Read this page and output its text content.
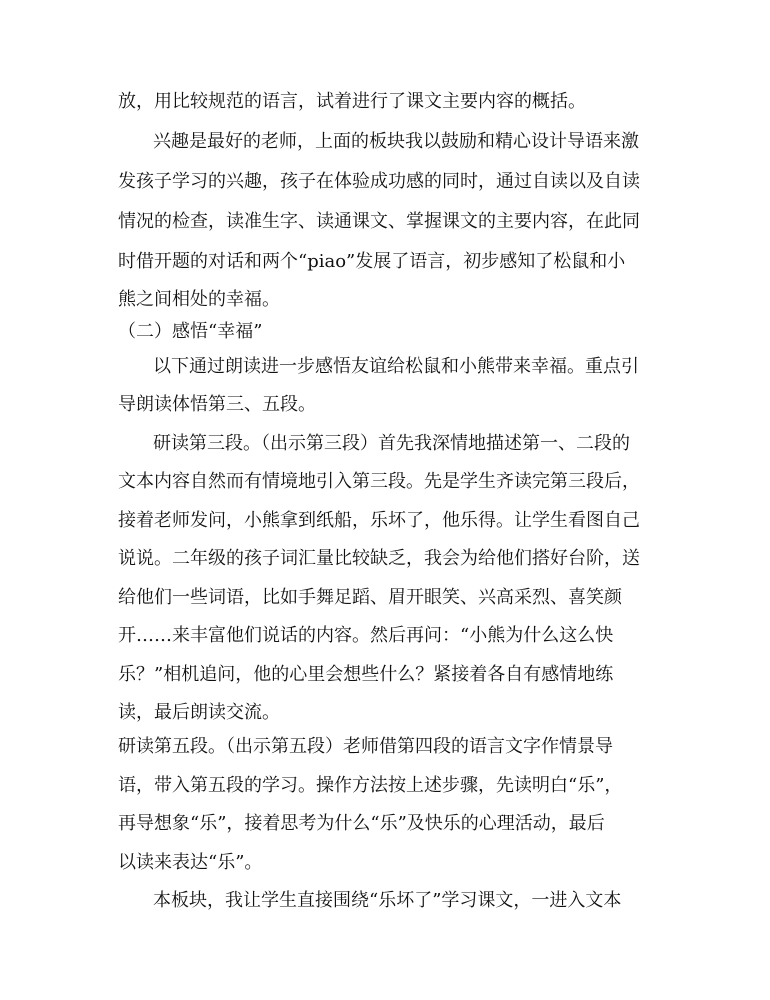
放，用比较规范的语言，试着进行了课文主要内容的概括。
兴趣是最好的老师，上面的板块我以鼓励和精心设计导语来激
发孩子学习的兴趣，孩子在体验成功感的同时，通过自读以及自读
情况的检查，读准生字、读通课文、掌握课文的主要内容，在此同
时借开题的对话和两个“piao”发展了语言，初步感知了松鼠和小
熊之间相处的幸福。
（二）感悟“幸福”
以下通过朗读进一步感悟友谊给松鼠和小熊带来幸福。重点引
导朗读体悟第三、五段。
研读第三段。（出示第三段）首先我深情地描述第一、二段的
文本内容自然而有情境地引入第三段。先是学生齐读完第三段后，
接着老师发问，小熊拿到纸船，乐坏了，他乐得。让学生看图自己
说说。二年级的孩子词汇量比较缺乏，我会为给他们搭好台阶，送
给他们一些词语，比如手舞足蹈、眉开眼笑、兴高采烈、喜笑颜
开……来丰富他们说话的内容。然后再问：“小熊为什么这么快
乐？”相机追问，他的心里会想些什么？紧接着各自有感情地练
读，最后朗读交流。
研读第五段。（出示第五段）老师借第四段的语言文字作情景导
语，带入第五段的学习。操作方法按上述步骤，先读明白“乐”，
再导想象“乐”，接着思考为什么“乐”及快乐的心理活动，最后
以读来表达“乐”。
本板块，我让学生直接围绕“乐坏了”学习课文，一进入文本
